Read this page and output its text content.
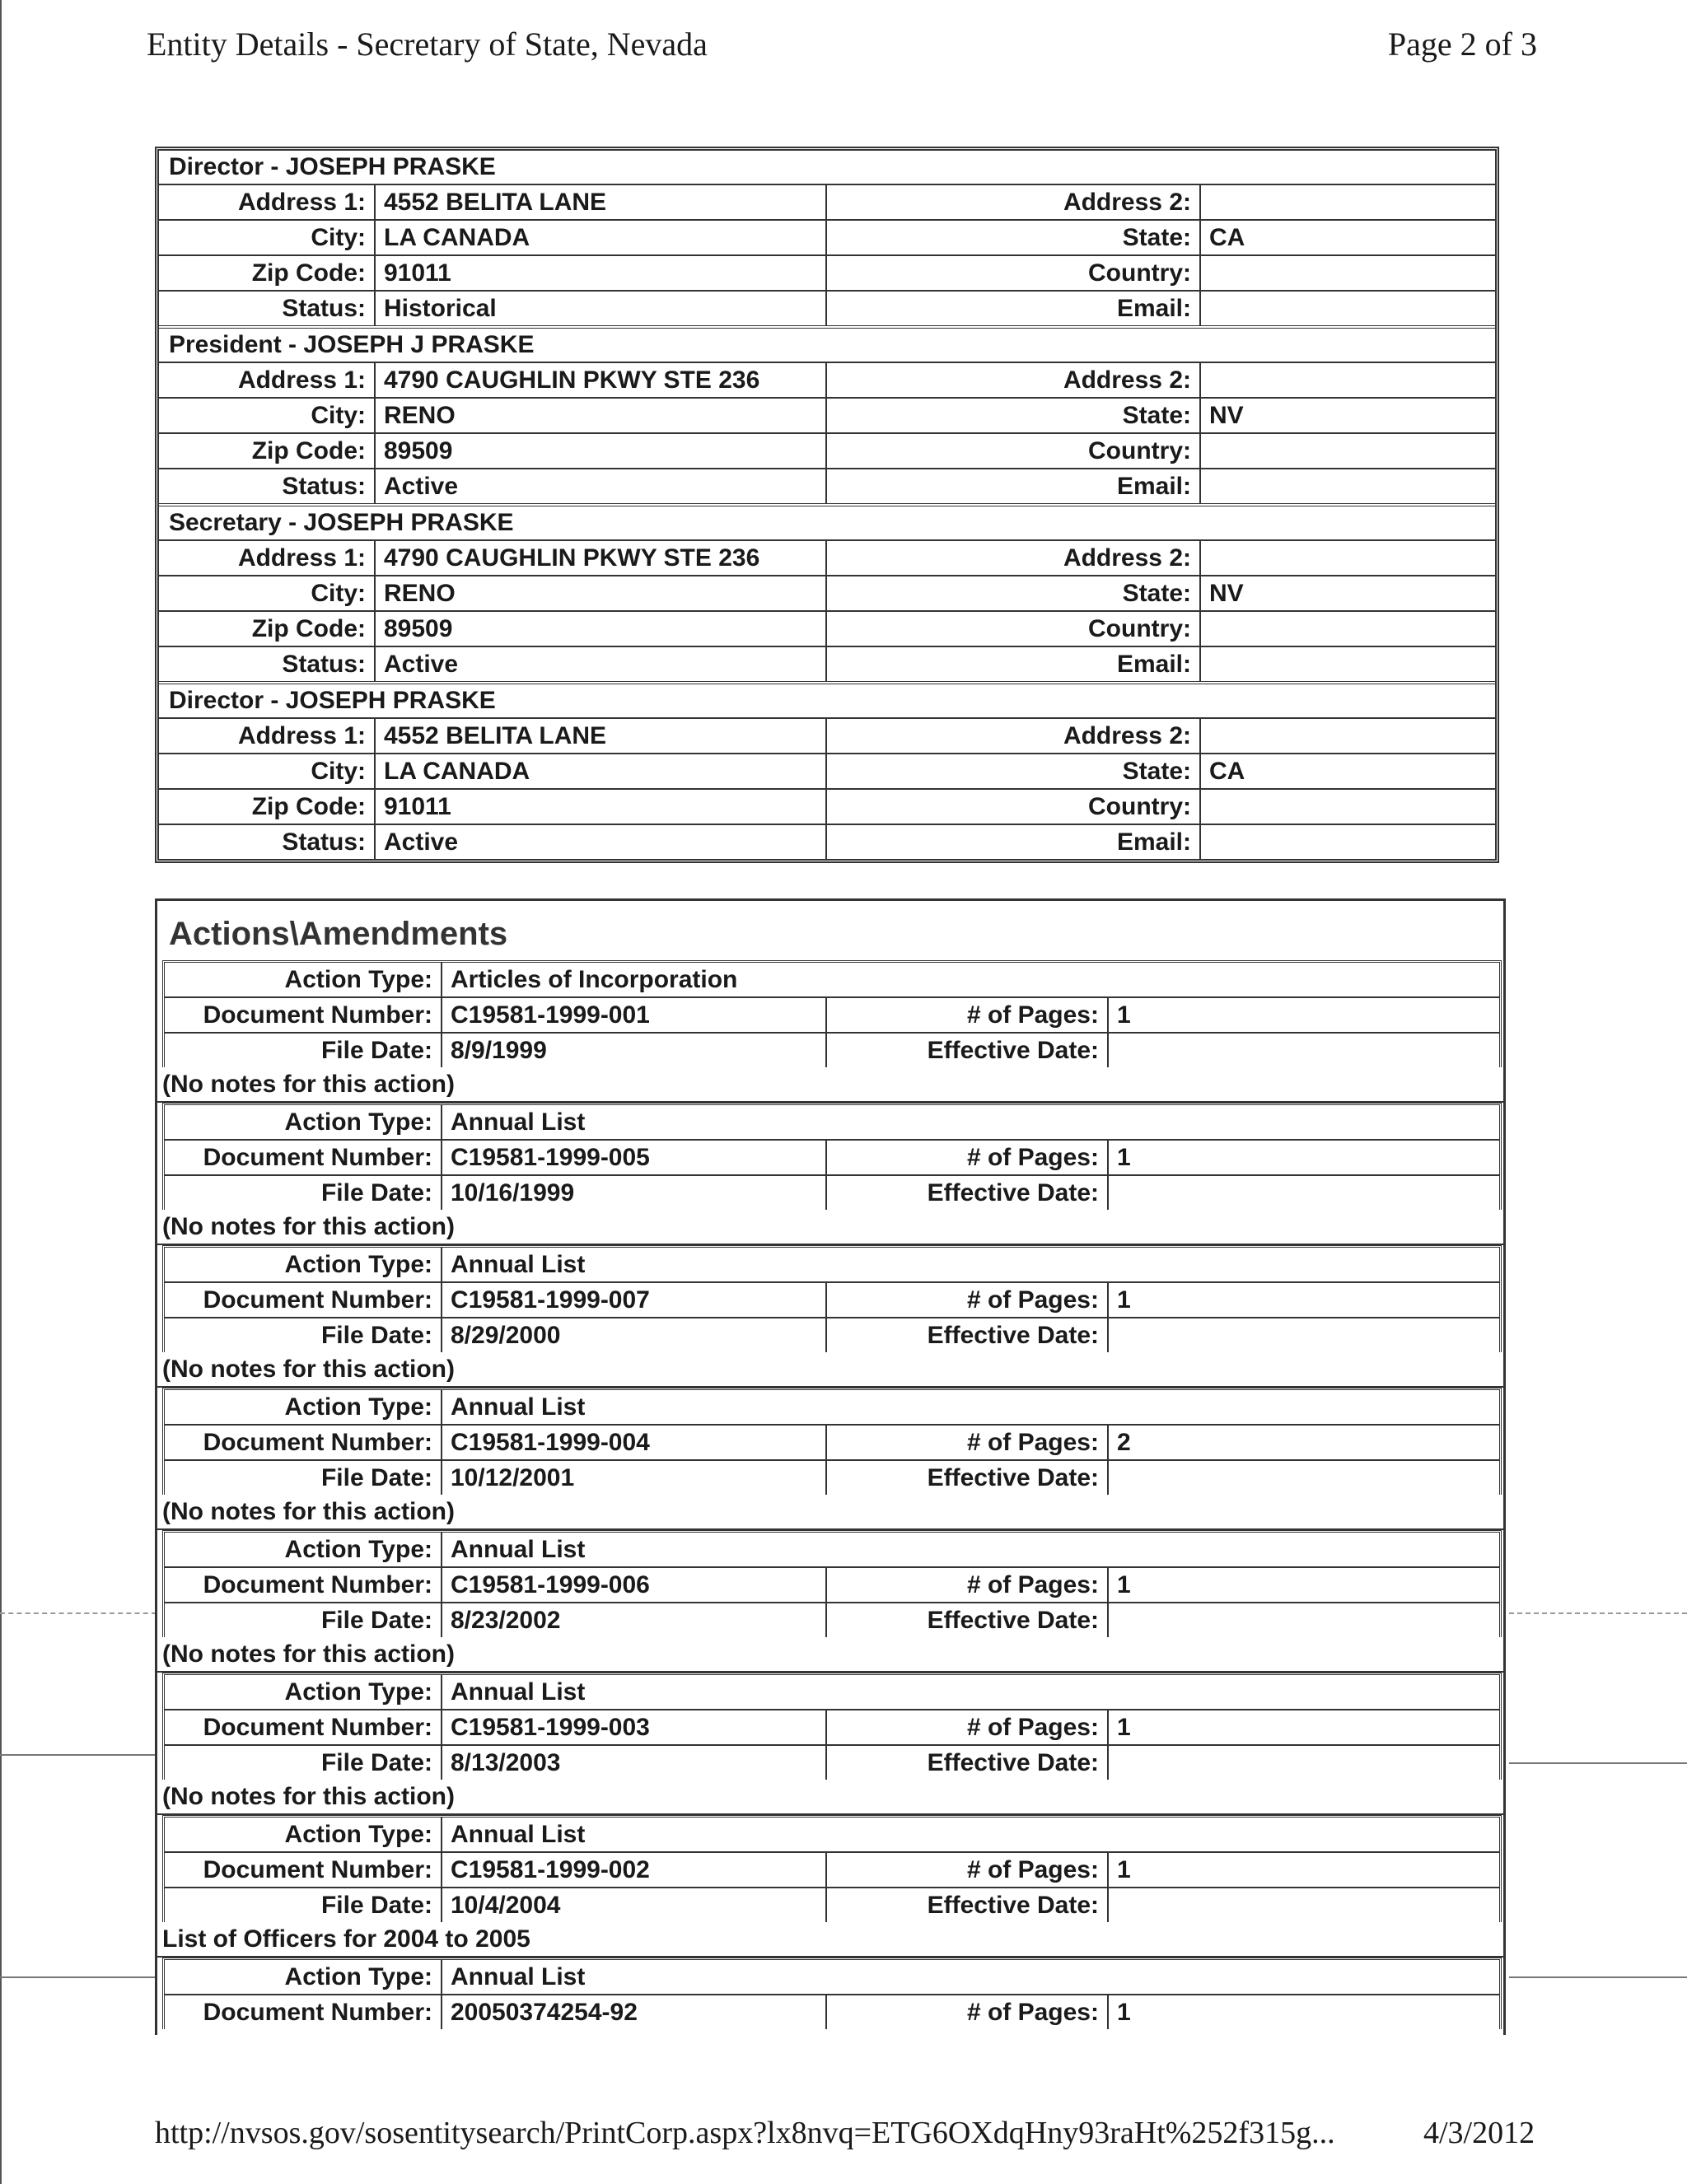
Entity Details - Secretary of State, Nevada	Page 2 of 3
Director - JOSEPH PRASKE
Address 1: 4552 BELITA LANE	Address 2:
City: LA CANADA	State: CA
Zip Code: 91011	Country:
Status: Historical	Email:
President - JOSEPH J PRASKE
Address 1: 4790 CAUGHLIN PKWY STE 236	Address 2:
City: RENO	State: NV
Zip Code: 89509	Country:
Status: Active	Email:
Secretary - JOSEPH PRASKE
Address 1: 4790 CAUGHLIN PKWY STE 236	Address 2:
City: RENO	State: NV
Zip Code: 89509	Country:
Status: Active	Email:
Director - JOSEPH PRASKE
Address 1: 4552 BELITA LANE	Address 2:
City: LA CANADA	State: CA
Zip Code: 91011	Country:
Status: Active	Email:
Actions\Amendments
Action Type: Articles of Incorporation
Document Number: C19581-1999-001	# of Pages: 1
File Date: 8/9/1999	Effective Date:
(No notes for this action)
Action Type: Annual List
Document Number: C19581-1999-005	# of Pages: 1
File Date: 10/16/1999	Effective Date:
(No notes for this action)
Action Type: Annual List
Document Number: C19581-1999-007	# of Pages: 1
File Date: 8/29/2000	Effective Date:
(No notes for this action)
Action Type: Annual List
Document Number: C19581-1999-004	# of Pages: 2
File Date: 10/12/2001	Effective Date:
(No notes for this action)
Action Type: Annual List
Document Number: C19581-1999-006	# of Pages: 1
File Date: 8/23/2002	Effective Date:
(No notes for this action)
Action Type: Annual List
Document Number: C19581-1999-003	# of Pages: 1
File Date: 8/13/2003	Effective Date:
(No notes for this action)
Action Type: Annual List
Document Number: C19581-1999-002	# of Pages: 1
File Date: 10/4/2004	Effective Date:
List of Officers for 2004 to 2005
Action Type: Annual List
Document Number: 20050374254-92	# of Pages: 1
http://nvsos.gov/sosentitysearch/PrintCorp.aspx?lx8nvq=ETG6OXdqHny93raHt%252f315g...	4/3/2012
